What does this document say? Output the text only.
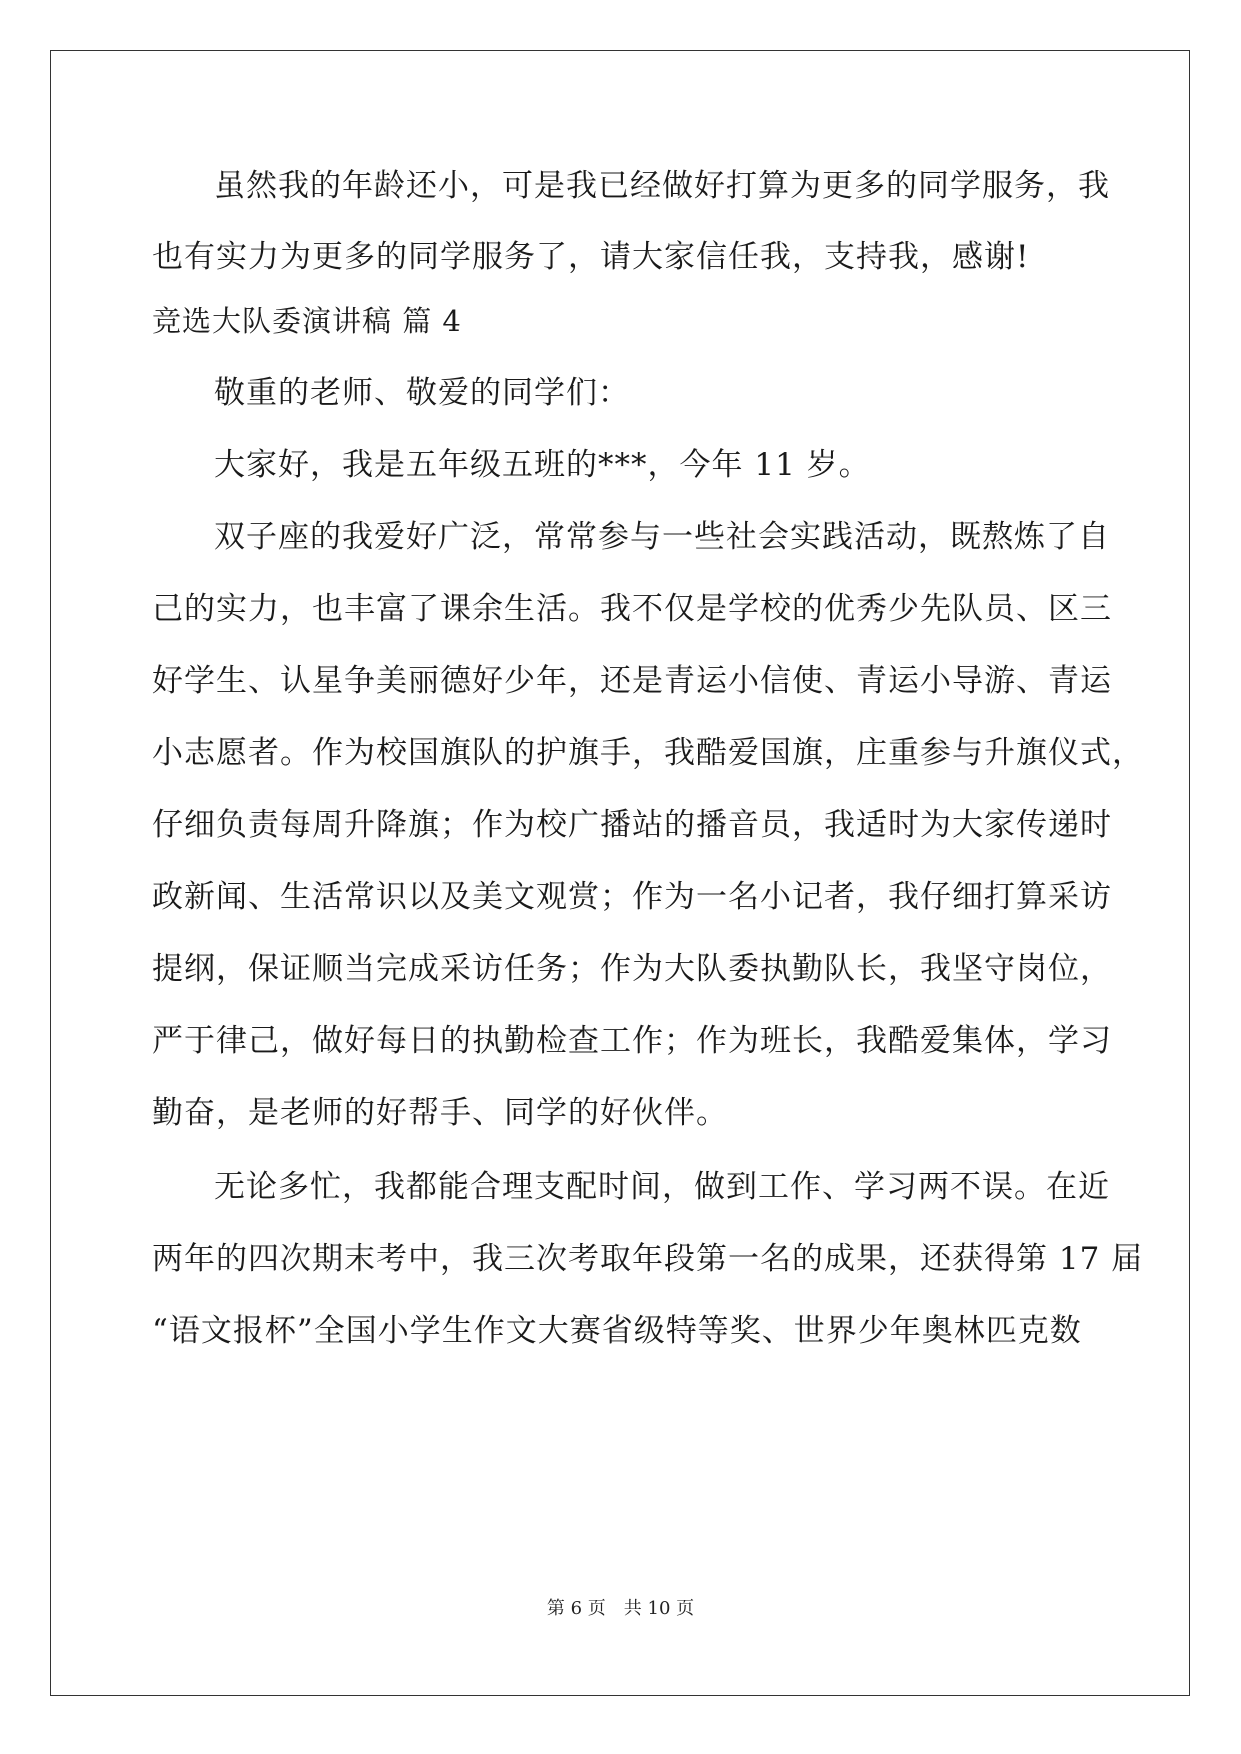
虽然我的年龄还小，可是我已经做好打算为更多的同学服务，我
也有实力为更多的同学服务了，请大家信任我，支持我，感谢!
竞选大队委演讲稿 篇 4
敬重的老师、敬爱的同学们：
大家好，我是五年级五班的***，今年 11 岁。
双子座的我爱好广泛，常常参与一些社会实践活动，既熬炼了自
己的实力，也丰富了课余生活。我不仅是学校的优秀少先队员、区三
好学生、认星争美丽德好少年，还是青运小信使、青运小导游、青运
小志愿者。作为校国旗队的护旗手，我酷爱国旗，庄重参与升旗仪式，
仔细负责每周升降旗；作为校广播站的播音员，我适时为大家传递时
政新闻、生活常识以及美文观赏；作为一名小记者，我仔细打算采访
提纲，保证顺当完成采访任务；作为大队委执勤队长，我坚守岗位，
严于律己，做好每日的执勤检查工作；作为班长，我酷爱集体，学习
勤奋，是老师的好帮手、同学的好伙伴。
无论多忙，我都能合理支配时间，做到工作、学习两不误。在近
两年的四次期末考中，我三次考取年段第一名的成果，还获得第 17 届
“语文报杯”全国小学生作文大赛省级特等奖、世界少年奥林匹克数
第 6 页 共 10 页
